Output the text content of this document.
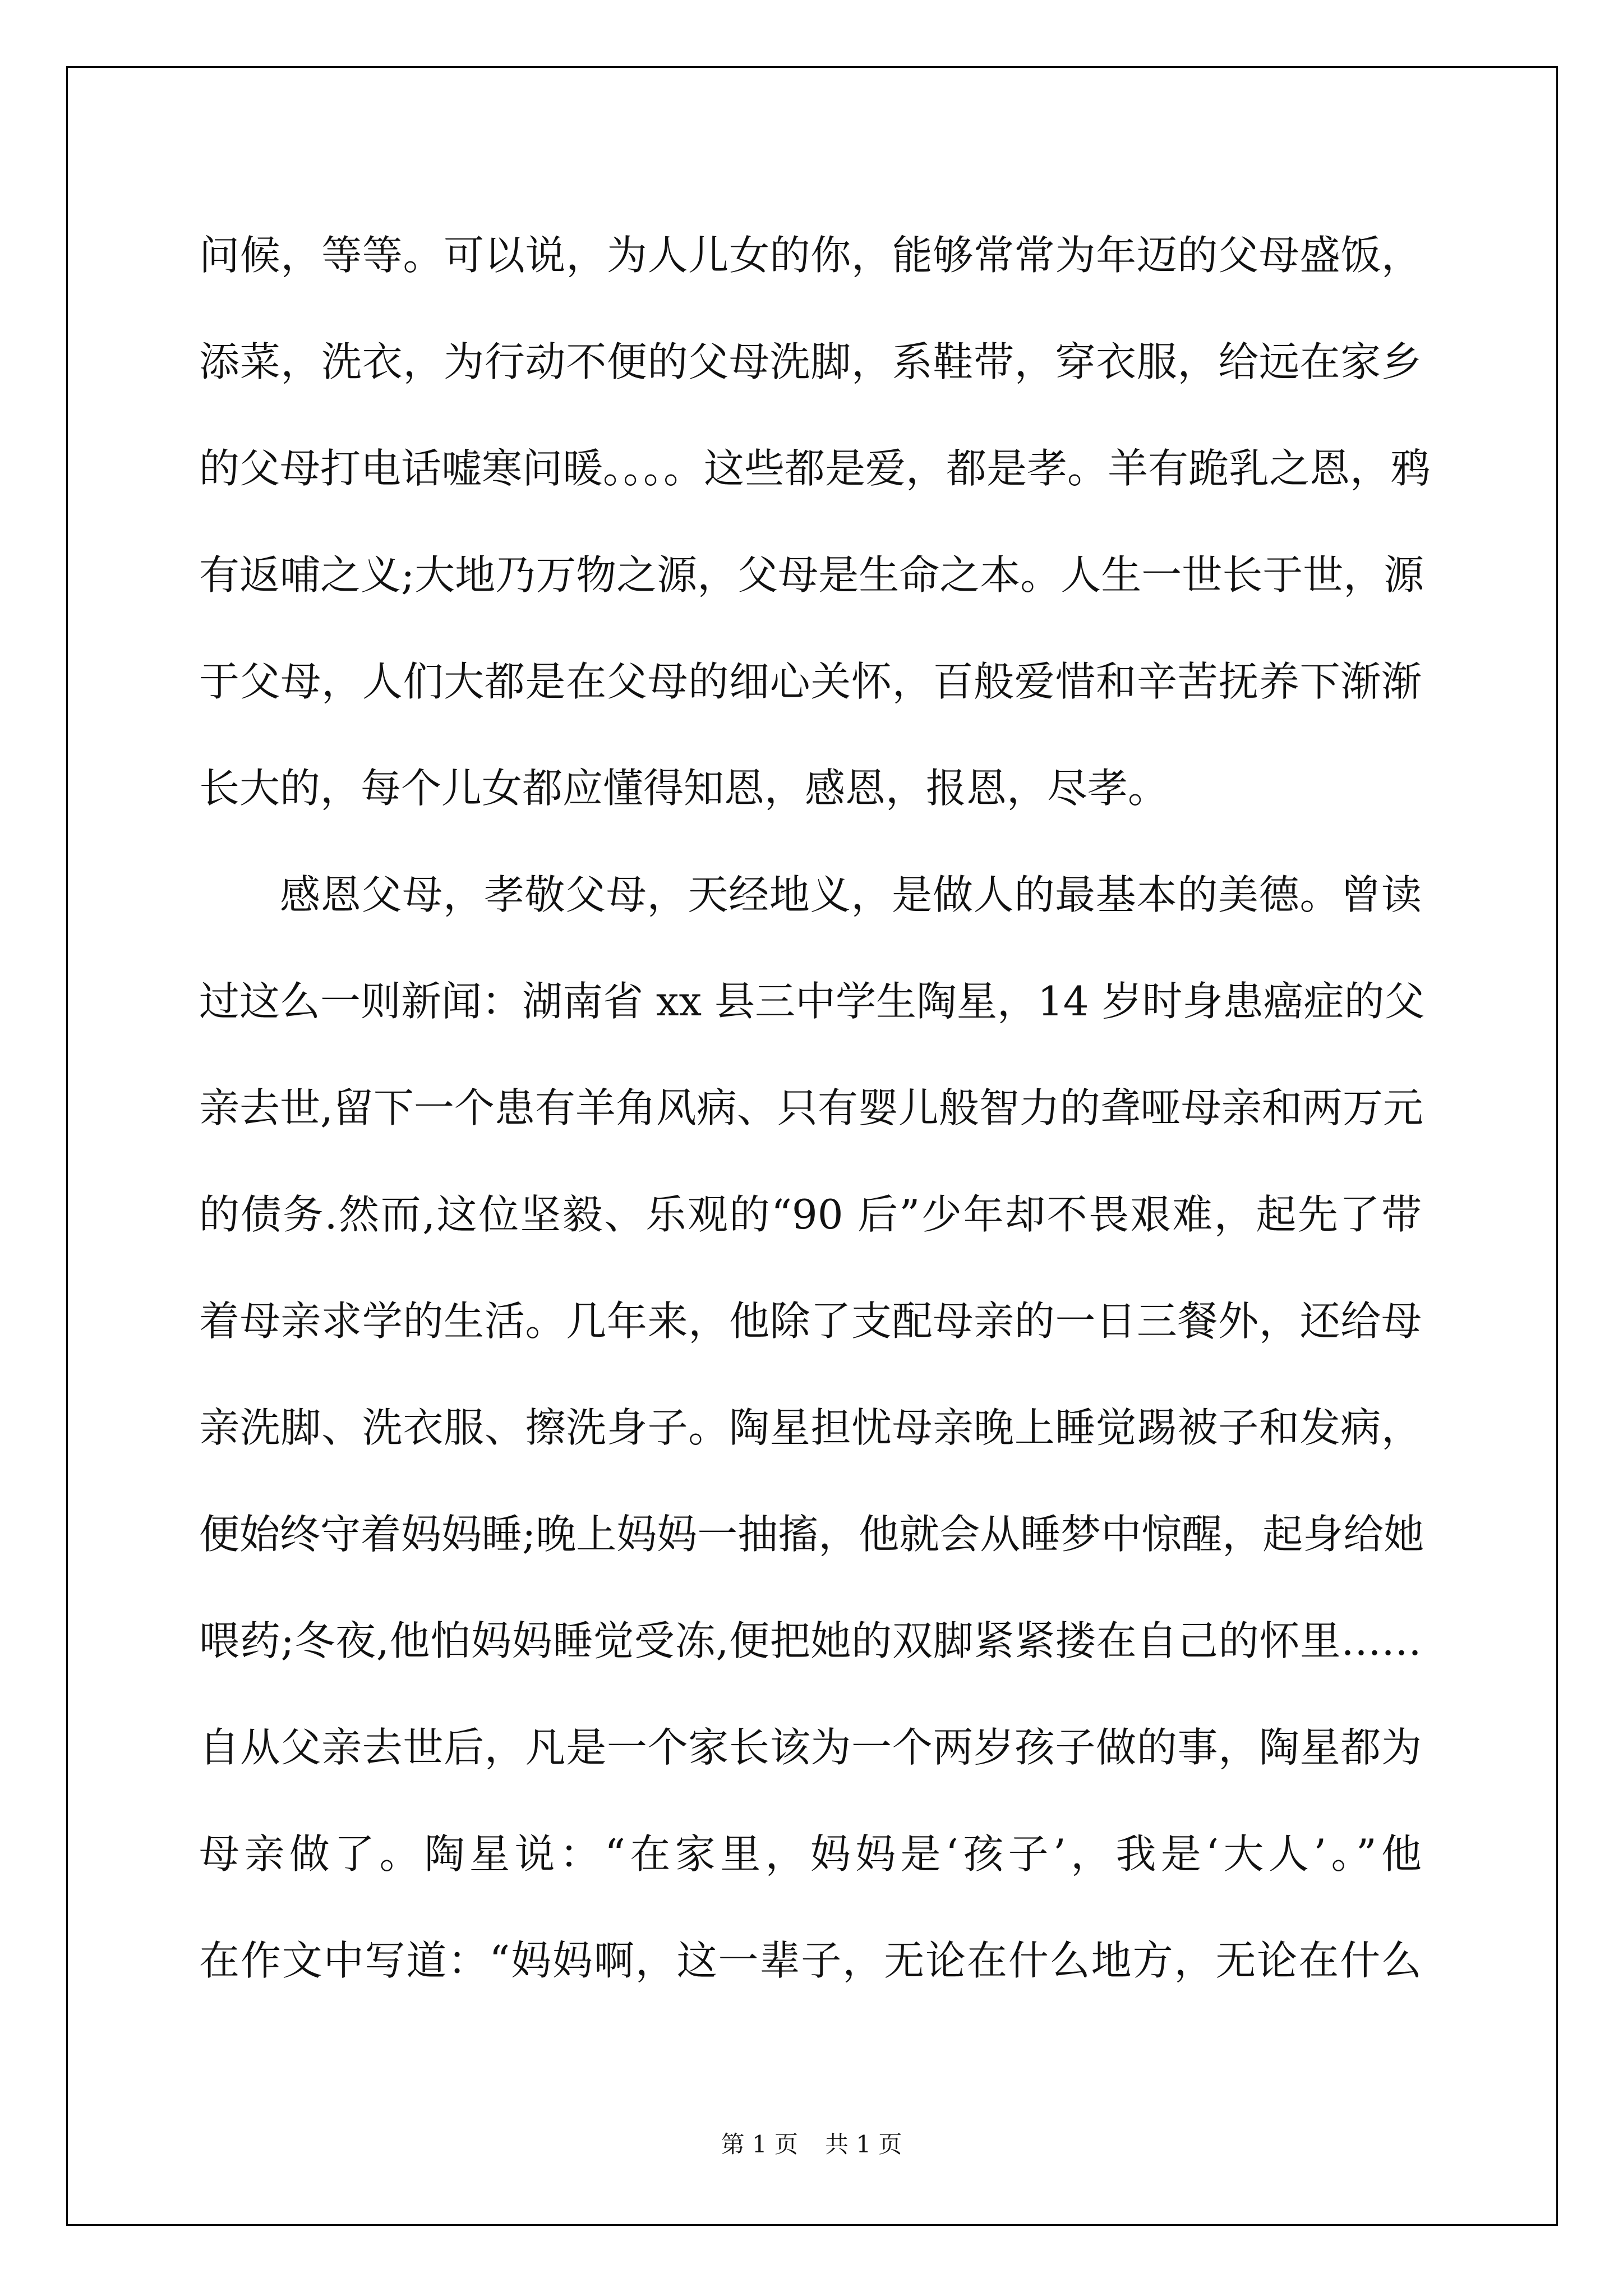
问候，等等。可以说，为人儿女的你，能够常常为年迈的父母盛饭，
添菜，洗衣，为行动不便的父母洗脚，系鞋带，穿衣服，给远在家乡
的父母打电话嘘寒问暖。。。。这些都是爱，都是孝。羊有跪乳之恩，鸦
有返哺之义;大地乃万物之源，父母是生命之本。人生一世长于世，源
于父母，人们大都是在父母的细心关怀，百般爱惜和辛苦抚养下渐渐
长大的，每个儿女都应懂得知恩，感恩，报恩，尽孝。
感恩父母，孝敬父母，天经地义，是做人的最基本的美德。曾读
过这么一则新闻：湖南省 xx 县三中学生陶星，14 岁时身患癌症的父
亲去世,留下一个患有羊角风病、只有婴儿般智力的聋哑母亲和两万元
的债务.然而,这位坚毅、乐观的“90 后”少年却不畏艰难，起先了带
着母亲求学的生活。几年来，他除了支配母亲的一日三餐外，还给母
亲洗脚、洗衣服、擦洗身子。陶星担忧母亲晚上睡觉踢被子和发病，
便始终守着妈妈睡;晚上妈妈一抽搐，他就会从睡梦中惊醒，起身给她
喂药;冬夜,他怕妈妈睡觉受冻,便把她的双脚紧紧搂在自己的怀里……
自从父亲去世后，凡是一个家长该为一个两岁孩子做的事，陶星都为
母亲做了。陶星说：“在家里，妈妈是‘孩子’，我是‘大人’。”他
在作文中写道：“妈妈啊，这一辈子，无论在什么地方，无论在什么
第 1 页 共 1 页
